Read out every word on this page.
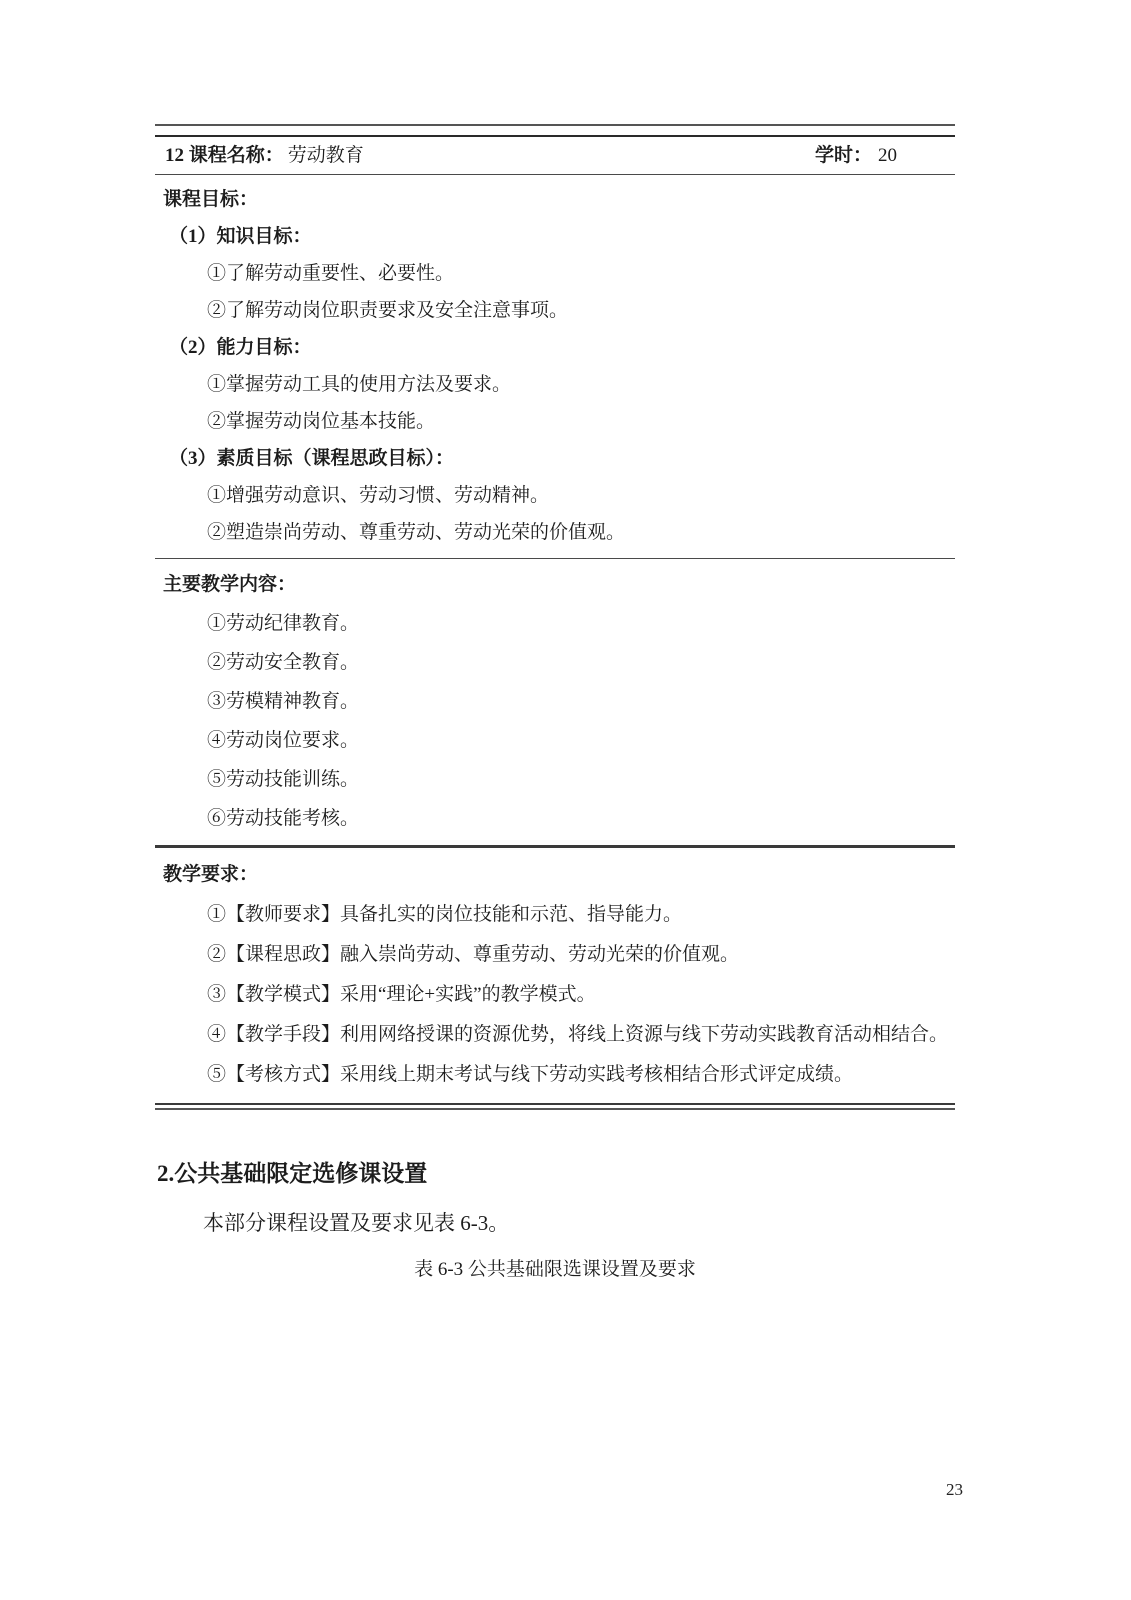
12 课程名称： 劳动教育	学时： 20
课程目标：
（1）知识目标：
①了解劳动重要性、必要性。
②了解劳动岗位职责要求及安全注意事项。
（2）能力目标：
①掌握劳动工具的使用方法及要求。
②掌握劳动岗位基本技能。
（3）素质目标（课程思政目标）：
①增强劳动意识、劳动习惯、劳动精神。
②塑造崇尚劳动、尊重劳动、劳动光荣的价值观。
主要教学内容：
①劳动纪律教育。
②劳动安全教育。
③劳模精神教育。
④劳动岗位要求。
⑤劳动技能训练。
⑥劳动技能考核。
教学要求：
①【教师要求】具备扎实的岗位技能和示范、指导能力。
②【课程思政】融入崇尚劳动、尊重劳动、劳动光荣的价值观。
③【教学模式】采用“理论+实践”的教学模式。
④【教学手段】利用网络授课的资源优势，将线上资源与线下劳动实践教育活动相结合。
⑤【考核方式】采用线上期末考试与线下劳动实践考核相结合形式评定成绩。
2.公共基础限定选修课设置
本部分课程设置及要求见表 6-3。
表 6-3 公共基础限选课设置及要求
23
